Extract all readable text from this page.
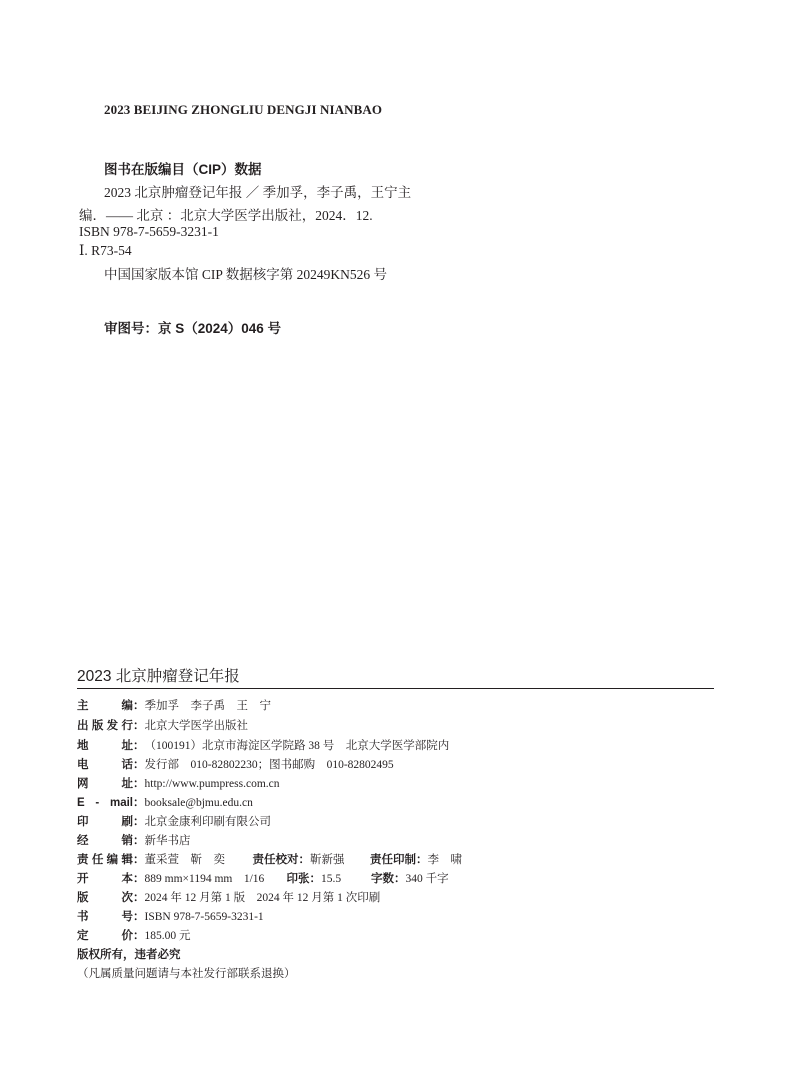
2023 BEIJING ZHONGLIU DENGJI NIANBAO
图书在版编目（CIP）数据
2023 北京肿瘤登记年报 ／ 季加孚，李子禹，王宁主
编．—— 北京 ：北京大学医学出版社，2024．12.
ISBN 978-7-5659-3231-1
Ⅰ. R73-54
中国国家版本馆 CIP 数据核字第 20249KN526 号
审图号：京 S（2024）046 号
2023 北京肿瘤登记年报
主　　编 ： 季加孚　李子禹　王　宁
出版发行 ： 北京大学医学出版社
地　　址 ： （100191）北京市海淀区学院路 38 号　北京大学医学部院内
电　　话 ： 发行部　010-82802230；图书邮购　010-82802495
网　　址 ： http://www.pumpress.com.cn
E - mail ： booksale@bjmu.edu.cn
印　　刷 ： 北京金康利印刷有限公司
经　　销 ： 新华书店
责任编辑 ： 董采萱　靳　奕	责任校对 ： 靳新强	责任印制 ： 李　啸
开　　本 ： 889 mm×1194 mm　1/16	印张 ： 15.5	字数 ： 340 千字
版　　次 ： 2024 年 12 月第 1 版　2024 年 12 月第 1 次印刷
书　　号 ： ISBN 978-7-5659-3231-1
定　　价 ： 185.00 元
版权所有，违者必究
（凡属质量问题请与本社发行部联系退换）
